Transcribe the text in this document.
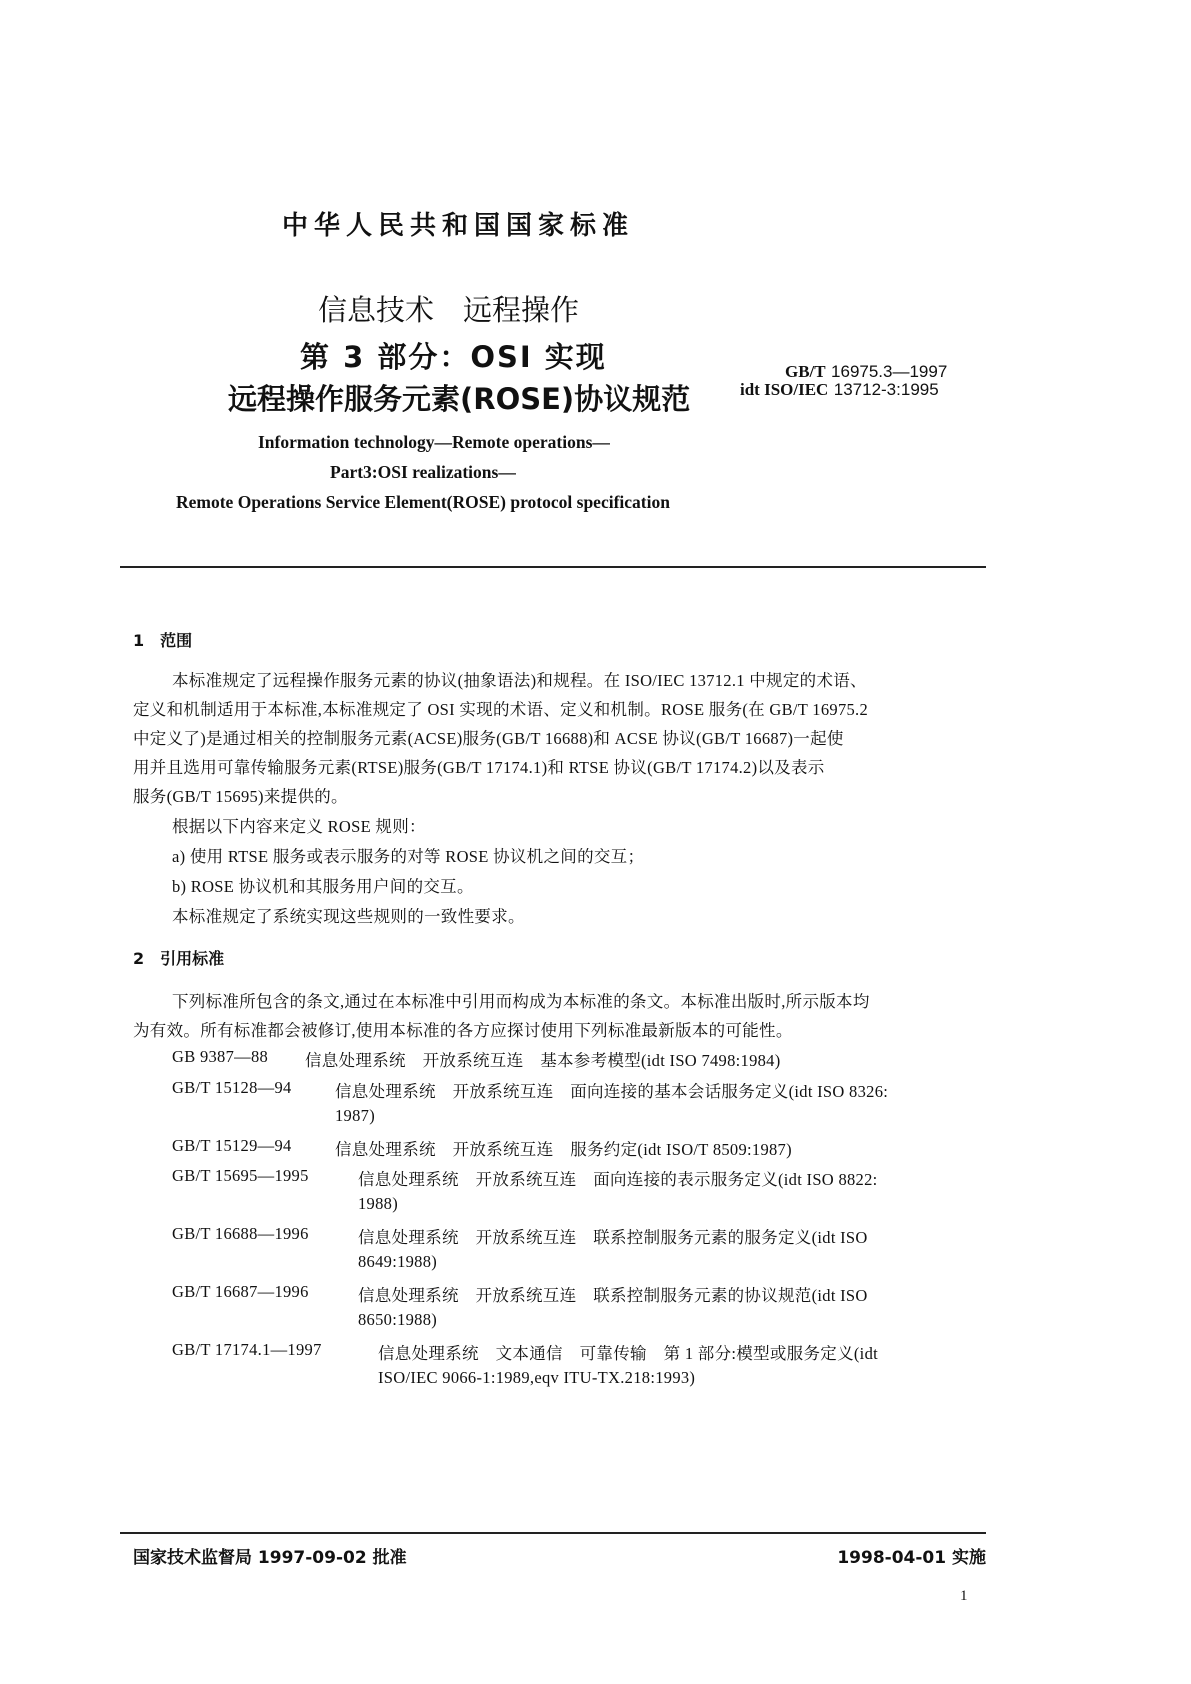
中华人民共和国国家标准
信息技术　远程操作
第 3 部分：OSI 实现
远程操作服务元素(ROSE)协议规范
GB/T 16975.3—1997
idt ISO/IEC 13712-3:1995
Information technology—Remote operations—
Part3:OSI realizations—
Remote Operations Service Element(ROSE) protocol specification
1　范围
本标准规定了远程操作服务元素的协议(抽象语法)和规程。在 ISO/IEC 13712.1 中规定的术语、
定义和机制适用于本标准,本标准规定了 OSI 实现的术语、定义和机制。ROSE 服务(在 GB/T 16975.2
中定义了)是通过相关的控制服务元素(ACSE)服务(GB/T 16688)和 ACSE 协议(GB/T 16687)一起使
用并且选用可靠传输服务元素(RTSE)服务(GB/T 17174.1)和 RTSE 协议(GB/T 17174.2)以及表示
服务(GB/T 15695)来提供的。
根据以下内容来定义 ROSE 规则：
a) 使用 RTSE 服务或表示服务的对等 ROSE 协议机之间的交互；
b) ROSE 协议机和其服务用户间的交互。
本标准规定了系统实现这些规则的一致性要求。
2　引用标准
下列标准所包含的条文,通过在本标准中引用而构成为本标准的条文。本标准出版时,所示版本均
为有效。所有标准都会被修订,使用本标准的各方应探讨使用下列标准最新版本的可能性。
GB 9387—88 信息处理系统　开放系统互连　基本参考模型(idt ISO 7498:1984)
GB/T 15128—94	信息处理系统　开放系统互连　面向连接的基本会话服务定义(idt ISO 8326:
1987)
GB/T 15129—94	信息处理系统　开放系统互连　服务约定(idt ISO/T 8509:1987)
GB/T 15695—1995	信息处理系统　开放系统互连　面向连接的表示服务定义(idt ISO 8822:
1988)
GB/T 16688—1996	信息处理系统　开放系统互连　联系控制服务元素的服务定义(idt ISO
8649:1988)
GB/T 16687—1996	信息处理系统　开放系统互连　联系控制服务元素的协议规范(idt ISO
8650:1988)
GB/T 17174.1—1997	信息处理系统　文本通信　可靠传输　第 1 部分:模型或服务定义(idt
ISO/IEC 9066-1:1989,eqv ITU-TX.218:1993)
国家技术监督局 1997-09-02 批准	1998-04-01 实施
1
